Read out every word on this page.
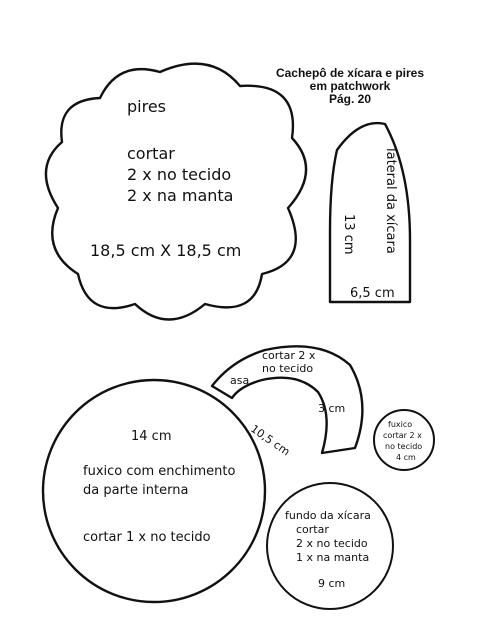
Cachepô de xícara e pires
em patchwork
Pág. 20
pires
cortar
2 x no tecido
2 x na manta
18,5 cm X 18,5 cm	lateral da xícara
13 cm
6,5 cm
cortar 2 x
no tecido
asa
3 cm
10,5 cm
14 cm
fuxico com enchimento
da parte interna
cortar 1 x no tecido
fuxico
cortar 2 x
no tecido
4 cm
fundo da xícara
cortar
2 x no tecido
1 x na manta
9 cm
